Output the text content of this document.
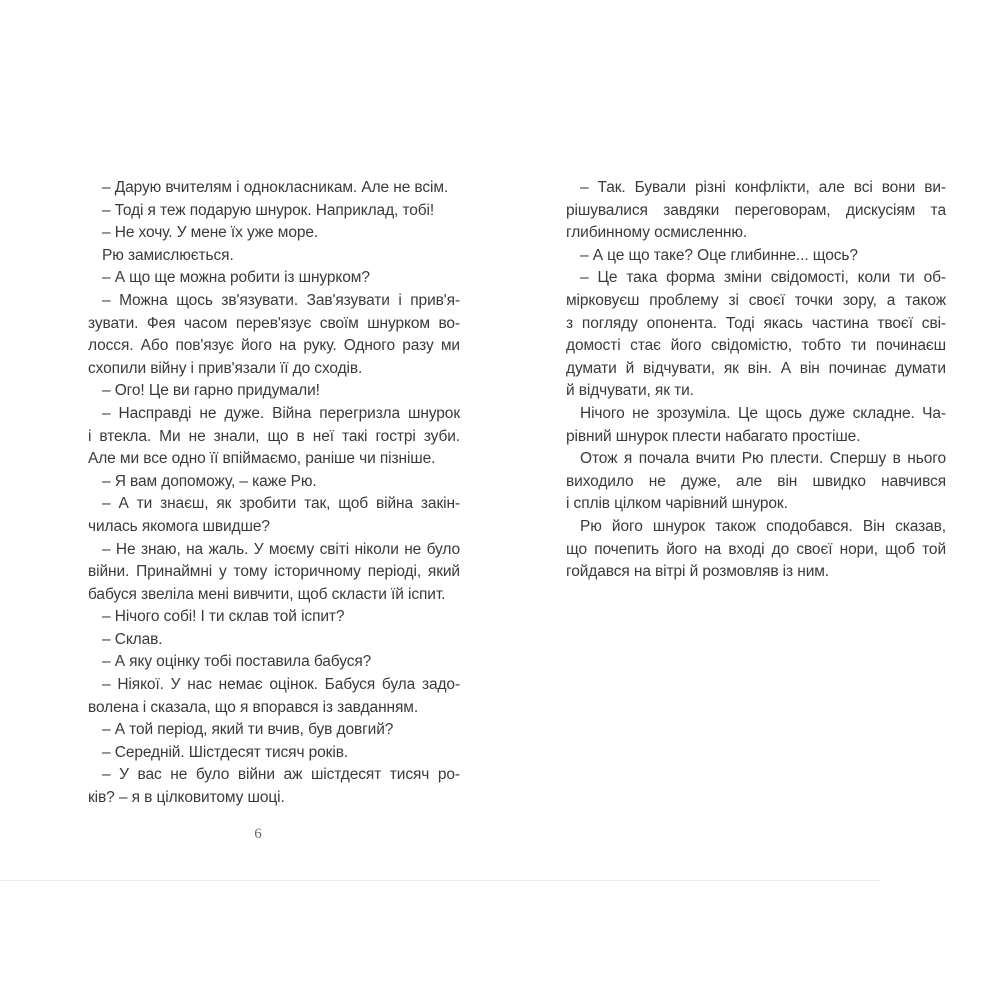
– Дарую вчителям і однокласникам. Але не всім.
– Тоді я теж подарую шнурок. Наприклад, тобі!
– Не хочу. У мене їх уже море.
Рю замислюється.
– А що ще можна робити із шнурком?
– Можна щось зв'язувати. Зав'язувати і прив'я-
зувати. Фея часом перев'язує своїм шнурком во-
лосся. Або пов'язує його на руку. Одного разу ми
схопили війну і прив'язали її до сходів.
– Ого! Це ви гарно придумали!
– Насправді не дуже. Війна перегризла шнурок
і втекла. Ми не знали, що в неї такі гострі зуби.
Але ми все одно її впіймаємо, раніше чи пізніше.
– Я вам допоможу, – каже Рю.
– А ти знаєш, як зробити так, щоб війна закін-
чилась якомога швидше?
– Не знаю, на жаль. У моєму світі ніколи не було
війни. Принаймні у тому історичному періоді, який
бабуся звеліла мені вивчити, щоб скласти їй іспит.
– Нічого собі! І ти склав той іспит?
– Склав.
– А яку оцінку тобі поставила бабуся?
– Ніякої. У нас немає оцінок. Бабуся була задо-
волена і сказала, що я впорався із завданням.
– А той період, який ти вчив, був довгий?
– Середній. Шістдесят тисяч років.
– У вас не було війни аж шістдесят тисяч ро-
ків? – я в цілковитому шоці.
– Так. Бували різні конфлікти, але всі вони ви-
рішувалися завдяки переговорам, дискусіям та
глибинному осмисленню.
– А це що таке? Оце глибинне... щось?
– Це така форма зміни свідомості, коли ти об-
мірковуєш проблему зі своєї точки зору, а також
з погляду опонента. Тоді якась частина твоєї сві-
домості стає його свідомістю, тобто ти починаєш
думати й відчувати, як він. А він починає думати
й відчувати, як ти.
Нічого не зрозуміла. Це щось дуже складне. Ча-
рівний шнурок плести набагато простіше.
Отож я почала вчити Рю плести. Спершу в нього
виходило не дуже, але він швидко навчився
і сплів цілком чарівний шнурок.
Рю його шнурок також сподобався. Він сказав,
що почепить його на вході до своєї нори, щоб той
гойдався на вітрі й розмовляв із ним.
6
